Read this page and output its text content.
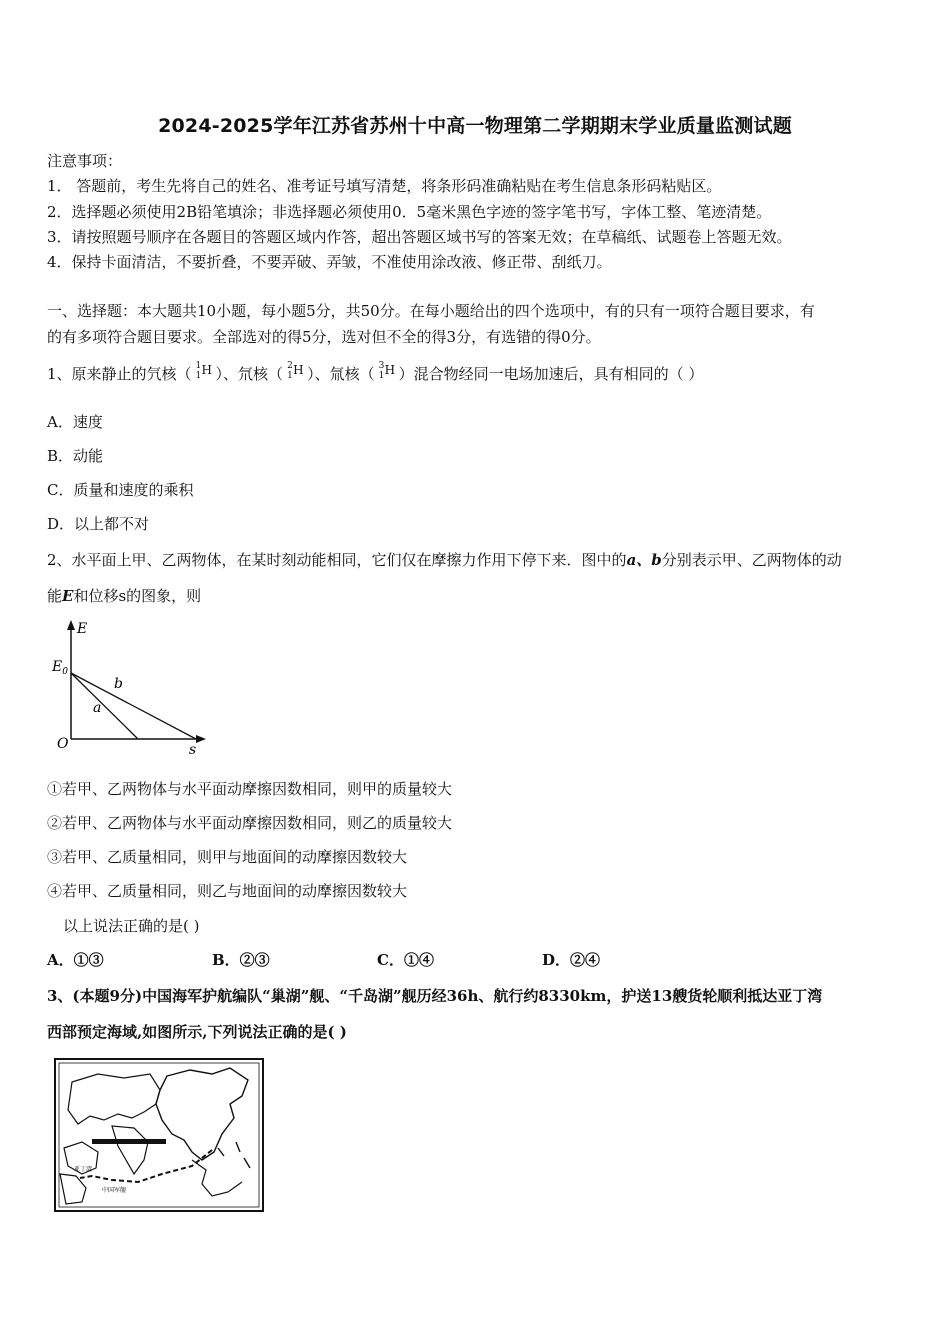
2024-2025学年江苏省苏州十中高一物理第二学期期末学业质量监测试题
注意事项：
1． 答题前，考生先将自己的姓名、准考证号填写清楚，将条形码准确粘贴在考生信息条形码粘贴区。
2．选择题必须使用2B铅笔填涂；非选择题必须使用0．5毫米黑色字迹的签字笔书写，字体工整、笔迹清楚。
3．请按照题号顺序在各题目的答题区域内作答，超出答题区域书写的答案无效；在草稿纸、试题卷上答题无效。
4．保持卡面清洁，不要折叠，不要弄破、弄皱，不准使用涂改液、修正带、刮纸刀。
一、选择题：本大题共10小题，每小题5分，共50分。在每小题给出的四个选项中，有的只有一项符合题目要求，有
的有多项符合题目要求。全部选对的得5分，选对但不全的得3分，有选错的得0分。
1、原来静止的氕核（ 1
1 H ）、氘核（ 2
1 H ）、氚核（ 3
1 H ）混合物经同一电场加速后，具有相同的（ ）
A．速度
B．动能
C．质量和速度的乘积
D．以上都不对
2、水平面上甲、乙两物体，在某时刻动能相同，它们仅在摩擦力作用下停下来．图中的a、b分别表示甲、乙两物体的动
能E和位移s的图象，则
E
$E_0$
O	s
a
b
①若甲、乙两物体与水平面动摩擦因数相同，则甲的质量较大
②若甲、乙两物体与水平面动摩擦因数相同，则乙的质量较大
③若甲、乙质量相同，则甲与地面间的动摩擦因数较大
④若甲、乙质量相同，则乙与地面间的动摩擦因数较大
以上说法正确的是( )
A．①③	B．②③	C．①④	D．②④
3、(本题9分)中国海军护航编队“巢湖”舰、“千岛湖”舰历经36h、航行约8330km，护送13艘货轮顺利抵达亚丁湾
西部预定海域,如图所示,下列说法正确的是( )
亚丁湾
中国军舰
